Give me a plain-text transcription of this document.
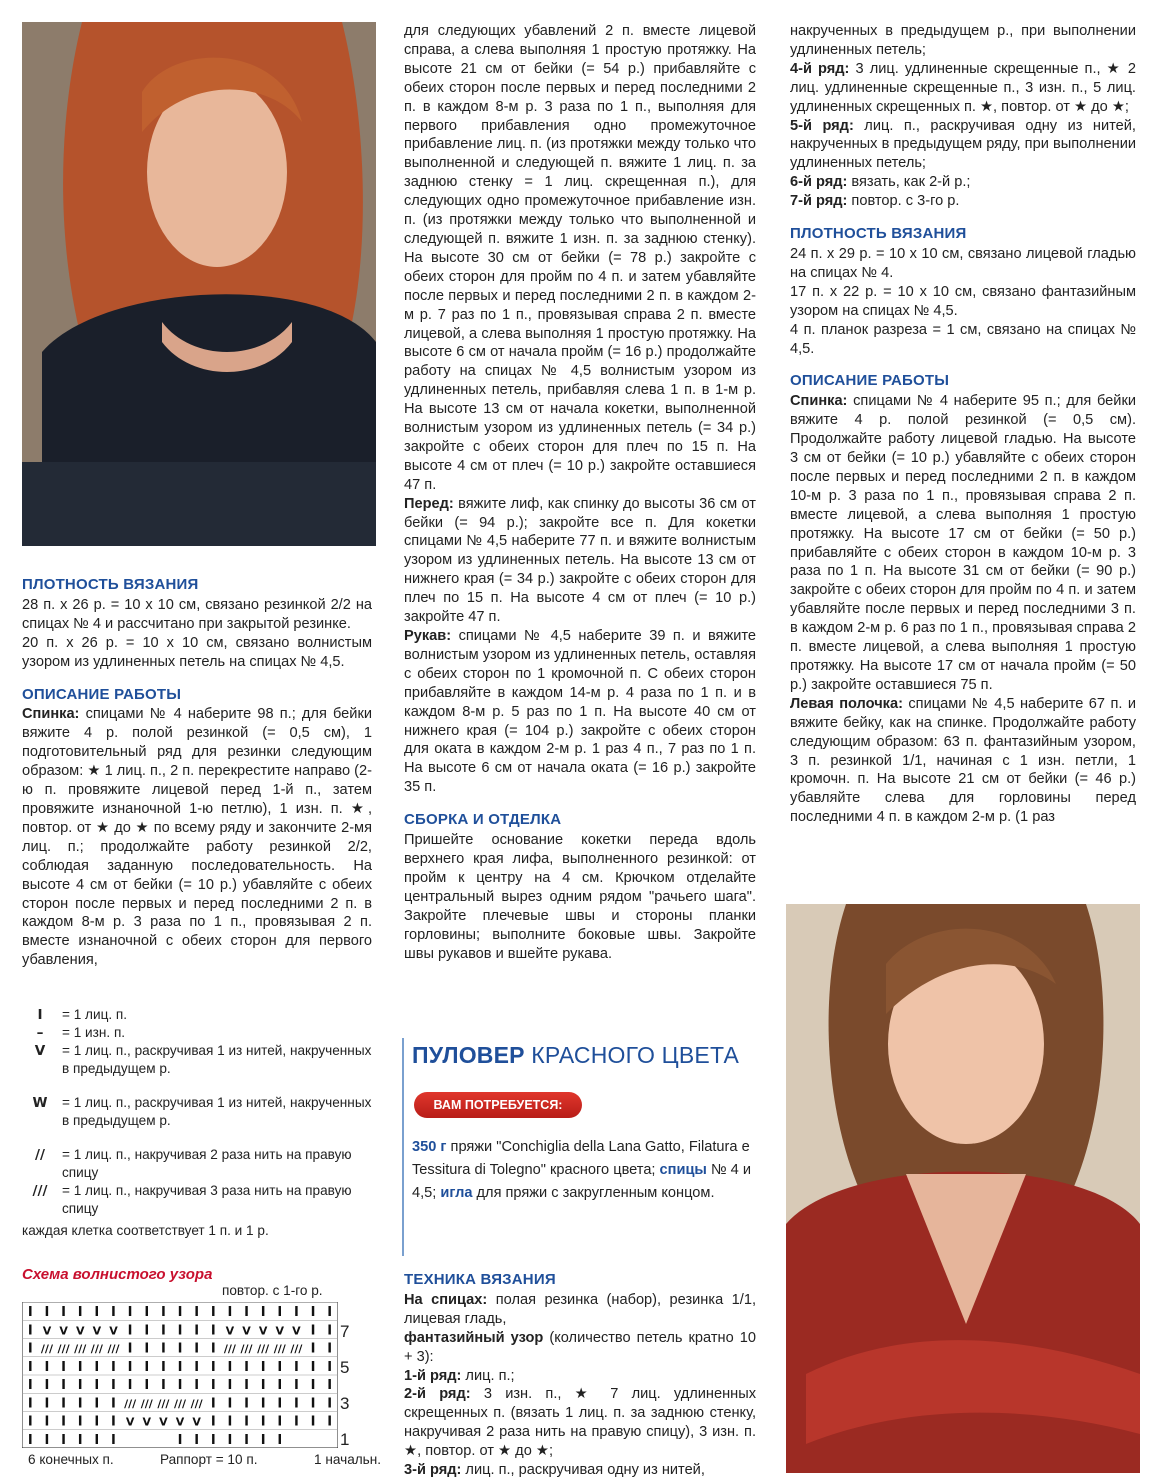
ПЛОТНОСТЬ ВЯЗАНИЯ

28 п. х 26 р. = 10 х 10 см, связано резинкой 2/2 на спицах № 4 и рассчитано при закрытой резинке.

20 п. х 26 р. = 10 х 10 см, связано волнистым узором из удлиненных петель на спицах № 4,5.

ОПИСАНИЕ РАБОТЫ

Спинка: спицами № 4 наберите 98 п.; для бейки вяжите 4 р. полой резинкой (= 0,5 см), 1 подготовительный ряд для резинки следующим образом: ★ 1 лиц. п., 2 п. перекрестите направо (2-ю п. провяжите лицевой перед 1-й п., затем провяжите изнаночной 1-ю петлю), 1 изн. п. ★, повтор. от ★ до ★ по всему ряду и закончите 2-мя лиц. п.; продолжайте работу резинкой 2/2, соблюдая заданную последовательность. На высоте 4 см от бейки (= 10 р.) убавляйте с обеих сторон после первых и перед последними 2 п. в каждом 8-м р. 3 раза по 1 п., провязывая 2 п. вместе изнаночной с обеих сторон для первого убавления,

I	= 1 лиц. п.
–	= 1 изн. п.
V	= 1 лиц. п., раскручивая 1 из нитей, накрученных в предыдущем р.
W	= 1 лиц. п., раскручивая 1 из нитей, накрученных в предыдущем р.
//	= 1 лиц. п., накручивая 2 раза нить на правую спицу
///	= 1 лиц. п., накручивая 3 раза нить на правую спицу
каждая клетка соответствует 1 п. и 1 р.
Схема волнистого узора
повтор. с 1-го р.
I I I I I I	I I I I I I I
I I I I I I V V V V V I I I I I I I I
I I I I I I /// /// /// /// /// I I I I I I I I
I I I I I I I I I I I I I I I I I I I
I I I I I I I I I I I I I I I I I I I
I /// /// /// /// /// I I I I I I /// /// /// /// /// I I
I V V V V V I I I I I I V V V V V I I
I I I I I I I I I I I I I I I I I I I
7
5
3
1
6 конечных п.	Раппорт = 10 п.	1 начальн.

для следующих убавлений 2 п. вместе лицевой справа, а слева выполняя 1 простую протяжку. На высоте 21 см от бейки (= 54 р.) прибавляйте с обеих сторон после первых и перед последними 2 п. в каждом 8-м р. 3 раза по 1 п., выполняя для первого прибавления одно промежуточное прибавление лиц. п. (из протяжки между только что выполненной и следующей п. вяжите 1 лиц. п. за заднюю стенку = 1 лиц. скрещенная п.), для следующих одно промежуточное прибавление изн. п. (из протяжки между только что выполненной и следующей п. вяжите 1 изн. п. за заднюю стенку). На высоте 30 см от бейки (= 78 р.) закройте с обеих сторон для пройм по 4 п. и затем убавляйте после первых и перед последними 2 п. в каждом 2-м р. 7 раз по 1 п., провязывая справа 2 п. вместе лицевой, а слева выполняя 1 простую протяжку. На высоте 6 см от начала пройм (= 16 р.) продолжайте работу на спицах № 4,5 волнистым узором из удлиненных петель, прибавляя слева 1 п. в 1-м р. На высоте 13 см от начала кокетки, выполненной волнистым узором из удлиненных петель (= 34 р.) закройте с обеих сторон для плеч по 15 п. На высоте 4 см от плеч (= 10 р.) закройте оставшиеся 47 п.

Перед: вяжите лиф, как спинку до высоты 36 см от бейки (= 94 р.); закройте все п. Для кокетки спицами № 4,5 наберите 77 п. и вяжите волнистым узором из удлиненных петель. На высоте 13 см от нижнего края (= 34 р.) закройте с обеих сторон для плеч по 15 п. На высоте 4 см от плеч (= 10 р.) закройте 47 п.

Рукав: спицами № 4,5 наберите 39 п. и вяжите волнистым узором из удлиненных петель, оставляя с обеих сторон по 1 кромочной п. С обеих сторон прибавляйте в каждом 14-м р. 4 раза по 1 п. и в каждом 8-м р. 5 раз по 1 п. На высоте 40 см от нижнего края (= 104 р.) закройте с обеих сторон для оката в каждом 2-м р. 1 раз 4 п., 7 раз по 1 п. На высоте 6 см от начала оката (= 16 р.) закройте 35 п.

СБОРКА И ОТДЕЛКА

Пришейте основание кокетки переда вдоль верхнего края лифа, выполненного резинкой: от пройм к центру на 4 см. Крючком отделайте центральный вырез одним рядом "рачьего шага". Закройте плечевые швы и стороны планки горловины; выполните боковые швы. Закройте швы рукавов и вшейте рукава.

ПУЛОВЕР КРАСНОГО ЦВЕТА
ВАМ ПОТРЕБУЕТСЯ:
350 г пряжи "Conchiglia della Lana Gatto, Filatura e Tessitura di Tolegno" красного цвета; спицы № 4 и 4,5; игла для пряжи с закругленным концом.
ТЕХНИКА ВЯЗАНИЯ

На спицах: полая резинка (набор), резинка 1/1, лицевая гладь,

фантазийный узор (количество петель кратно 10 + 3):

1-й ряд: лиц. п.;

2-й ряд: 3 изн. п., ★ 7 лиц. удлиненных скрещенных п. (вязать 1 лиц. п. за заднюю стенку, накручивая 2 раза нить на правую спицу), 3 изн. п. ★, повтор. от ★ до ★;

3-й ряд: лиц. п., раскручивая одну из нитей,

накрученных в предыдущем р., при выполнении удлиненных петель;

4-й ряд: 3 лиц. удлиненные скрещенные п., ★ 2 лиц. удлиненные скрещенные п., 3 изн. п., 5 лиц. удлиненных скрещенных п. ★, повтор. от ★ до ★;

5-й ряд: лиц. п., раскручивая одну из нитей, накрученных в предыдущем ряду, при выполнении удлиненных петель;

6-й ряд: вязать, как 2-й р.;

7-й ряд: повтор. с 3-го р.

ПЛОТНОСТЬ ВЯЗАНИЯ

24 п. х 29 р. = 10 х 10 см, связано лицевой гладью на спицах № 4.

17 п. х 22 р. = 10 х 10 см, связано фантазийным узором на спицах № 4,5.

4 п. планок разреза = 1 см, связано на спицах № 4,5.

ОПИСАНИЕ РАБОТЫ

Спинка: спицами № 4 наберите 95 п.; для бейки вяжите 4 р. полой резинкой (= 0,5 см). Продолжайте работу лицевой гладью. На высоте 3 см от бейки (= 10 р.) убавляйте с обеих сторон после первых и перед последними 2 п. в каждом 10-м р. 3 раза по 1 п., провязывая справа 2 п. вместе лицевой, а слева выполняя 1 простую протяжку. На высоте 17 см от бейки (= 50 р.) прибавляйте с обеих сторон в каждом 10-м р. 3 раза по 1 п. На высоте 31 см от бейки (= 90 р.) закройте с обеих сторон для пройм по 4 п. и затем убавляйте после первых и перед последними 3 п. в каждом 2-м р. 6 раз по 1 п., провязывая справа 2 п. вместе лицевой, а слева выполняя 1 простую протяжку. На высоте 17 см от начала пройм (= 50 р.) закройте оставшиеся 75 п.

Левая полочка: спицами № 4,5 наберите 67 п. и вяжите бейку, как на спинке. Продолжайте работу следующим образом: 63 п. фантазийным узором, 3 п. резинкой 1/1, начиная с 1 изн. петли, 1 кромочн. п. На высоте 21 см от бейки (= 46 р.) убавляйте слева для горловины перед последними 4 п. в каждом 2-м р. (1 раз
